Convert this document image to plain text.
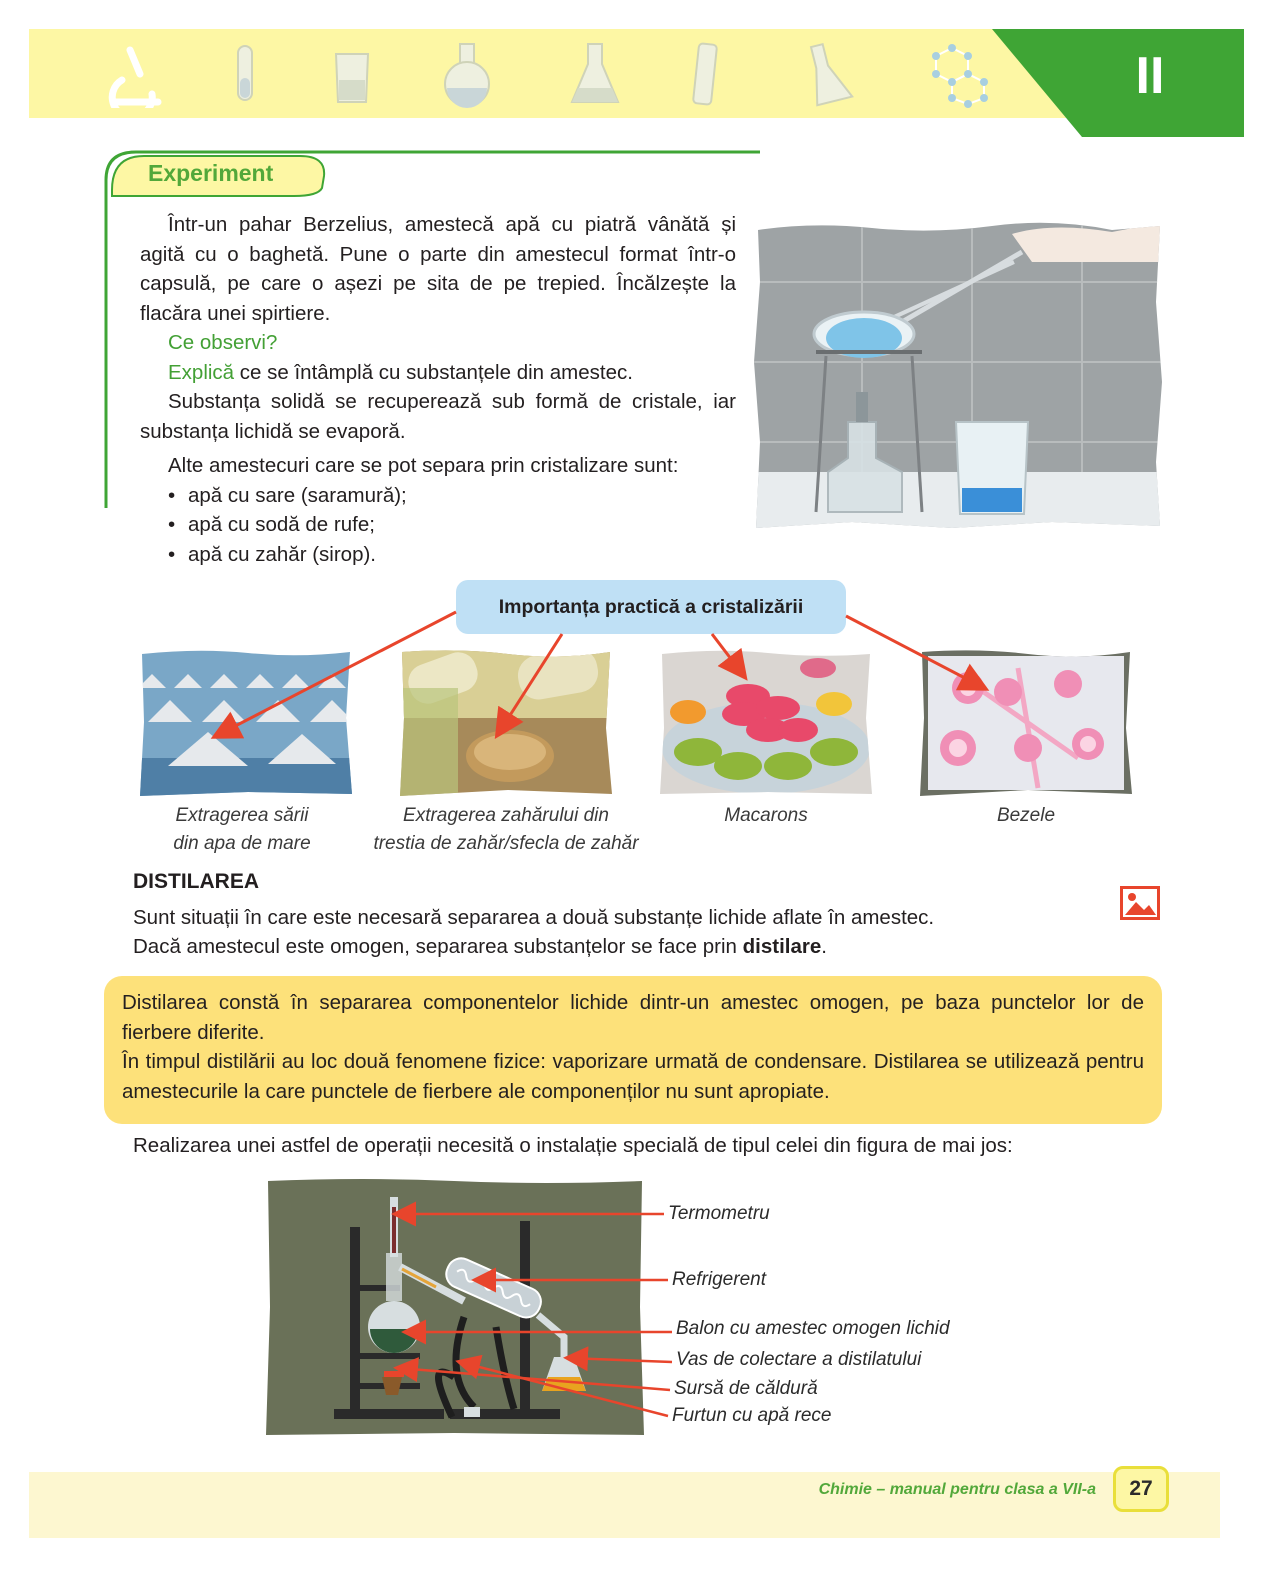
II
Experiment

Într-un pahar Berzelius, amestecă apă cu piatră vânătă și agită cu o baghetă. Pune o parte din amestecul format într-o capsulă, pe care o așezi pe sita de pe trepied. Încălzește la flacăra unei spirtiere.

Ce observi?

Explică ce se întâmplă cu substanțele din amestec.

Substanța solidă se recuperează sub formă de cristale, iar substanța lichidă se evaporă.

Alte amestecuri care se pot separa prin cristalizare sunt:

• apă cu sare (saramură);
• apă cu sodă de rufe;
• apă cu zahăr (sirop).
Importanța practică a cristalizării
Extragerea sării
din apa de mare
Extragerea zahărului din
trestia de zahăr/sfecla de zahăr
Macarons	Bezele
DISTILAREA

Sunt situații în care este necesară separarea a două substanțe lichide aflate în amestec.

Dacă amestecul este omogen, separarea substanțelor se face prin distilare.

Distilarea constă în separarea componentelor lichide dintr-un amestec omogen, pe baza punctelor lor de fierbere diferite.

În timpul distilării au loc două fenomene fizice: vaporizare urmată de condensare. Distilarea se utilizează pentru amestecurile la care punctele de fierbere ale componenților nu sunt apropiate.

Realizarea unei astfel de operații necesită o instalație specială de tipul celei din figura de mai jos:
Termometru
Refrigerent
Balon cu amestec omogen lichid
Vas de colectare a distilatului
Sursă de căldură
Furtun cu apă rece
Chimie – manual pentru clasa a VII-a	27
